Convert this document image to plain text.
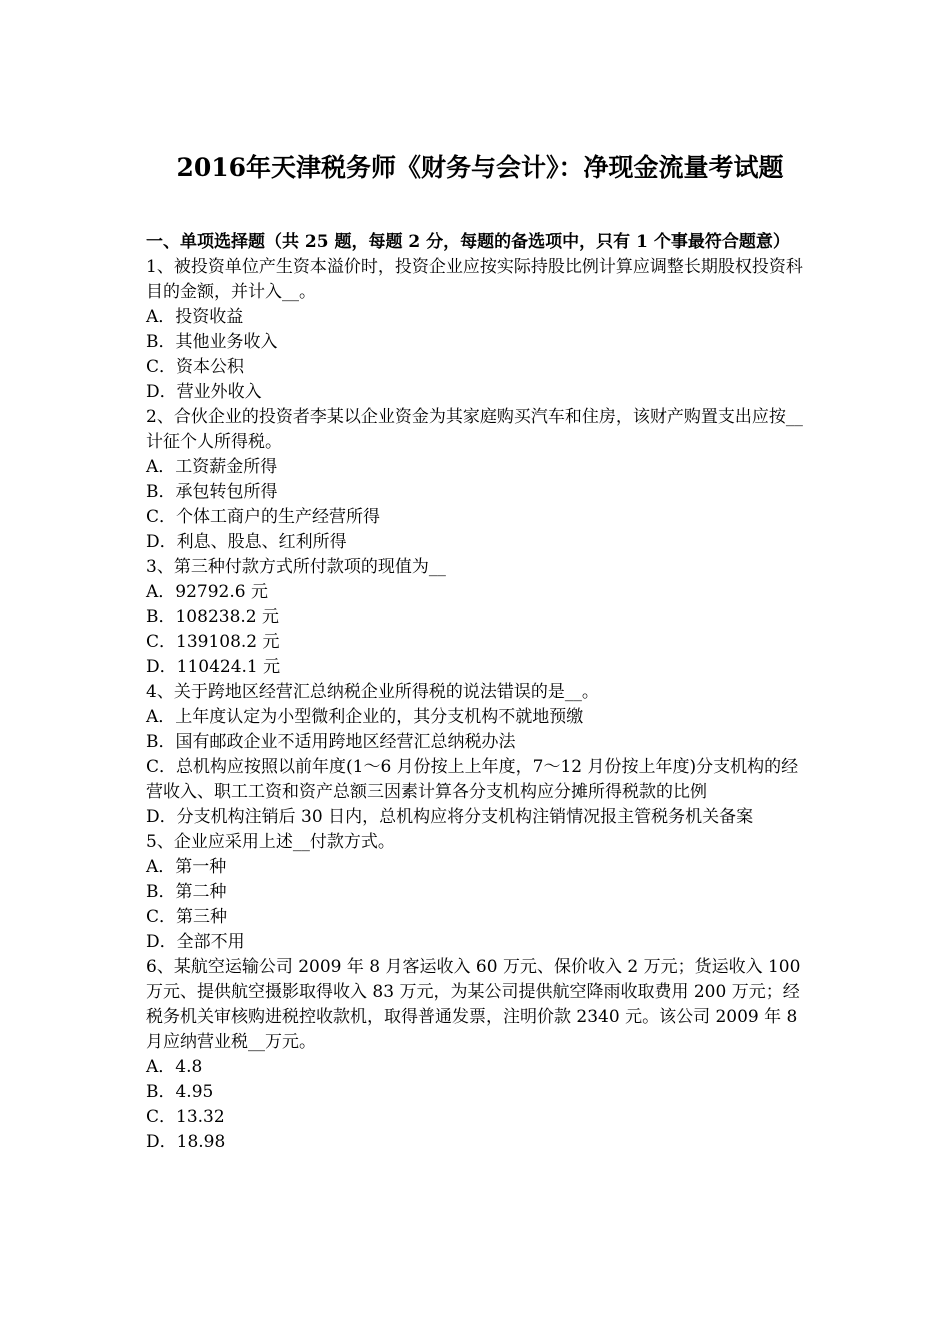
2016年天津税务师《财务与会计》：净现金流量考试题

一、单项选择题（共 25 题，每题 2 分，每题的备选项中，只有 1 个事最符合题意）

1、被投资单位产生资本溢价时，投资企业应按实际持股比例计算应调整长期股权投资科目的金额，并计入__。

A．投资收益

B．其他业务收入

C．资本公积

D．营业外收入

2、合伙企业的投资者李某以企业资金为其家庭购买汽车和住房，该财产购置支出应按__计征个人所得税。

A．工资薪金所得

B．承包转包所得

C．个体工商户的生产经营所得

D．利息、股息、红利所得

3、第三种付款方式所付款项的现值为__

A．92792.6 元

B．108238.2 元

C．139108.2 元

D．110424.1 元

4、关于跨地区经营汇总纳税企业所得税的说法错误的是__。

A．上年度认定为小型微利企业的，其分支机构不就地预缴

B．国有邮政企业不适用跨地区经营汇总纳税办法

C．总机构应按照以前年度(1～6 月份按上上年度，7～12 月份按上年度)分支机构的经营收入、职工工资和资产总额三因素计算各分支机构应分摊所得税款的比例

D．分支机构注销后 30 日内，总机构应将分支机构注销情况报主管税务机关备案

5、企业应采用上述__付款方式。

A．第一种

B．第二种

C．第三种

D．全部不用

6、某航空运输公司 2009 年 8 月客运收入 60 万元、保价收入 2 万元；货运收入 100 万元、提供航空摄影取得收入 83 万元，为某公司提供航空降雨收取费用 200 万元；经税务机关审核购进税控收款机，取得普通发票，注明价款 2340 元。该公司 2009 年 8 月应纳营业税__万元。

A．4.8

B．4.95

C．13.32

D．18.98
